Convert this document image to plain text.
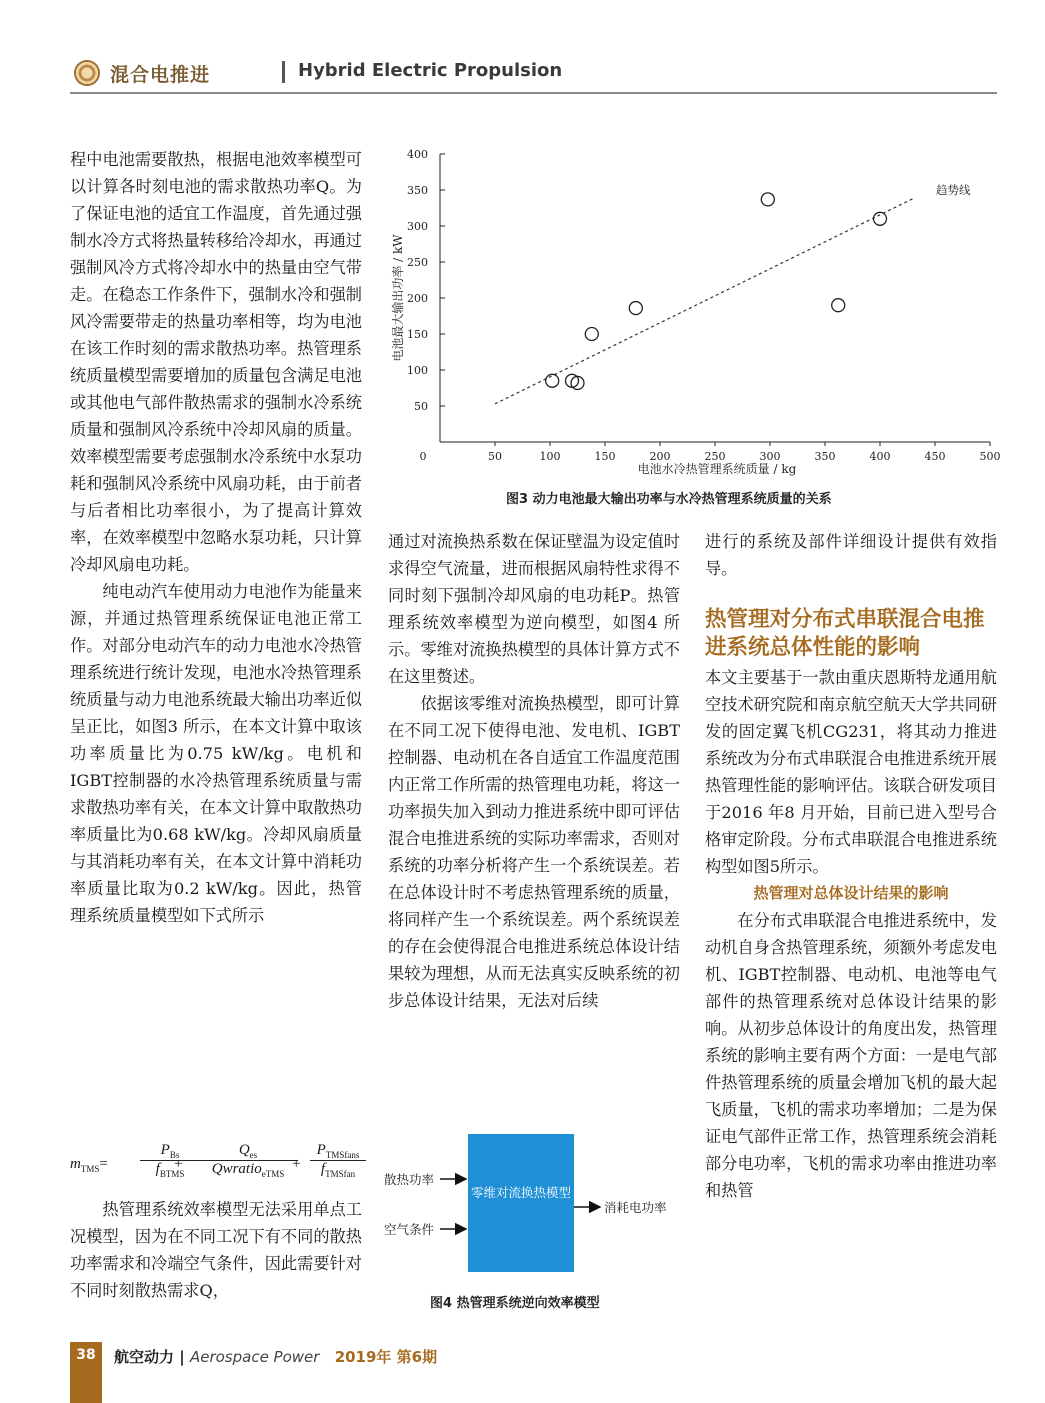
混合电推进	Hybrid Electric Propulsion

程中电池需要散热，根据电池效率模型可以计算各时刻电池的需求散热功率Q。为了保证电池的适宜工作温度，首先通过强制水冷方式将热量转移给冷却水，再通过强制风冷方式将冷却水中的热量由空气带走。在稳态工作条件下，强制水冷和强制风冷需要带走的热量功率相等，均为电池在该工作时刻的需求散热功率。热管理系统质量模型需要增加的质量包含满足电池或其他电气部件散热需求的强制水冷系统质量和强制风冷系统中冷却风扇的质量。效率模型需要考虑强制水冷系统中水泵功耗和强制风冷系统中风扇功耗，由于前者与后者相比功率很小，为了提高计算效率，在效率模型中忽略水泵功耗，只计算冷却风扇电功耗。

纯电动汽车使用动力电池作为能量来源，并通过热管理系统保证电池正常工作。对部分电动汽车的动力电池水冷热管理系统进行统计发现，电池水冷热管理系统质量与动力电池系统最大输出功率近似呈正比，如图3 所示，在本文计算中取该功率质量比为0.75 kW/kg。电机和IGBT控制器的水冷热管理系统质量与需求散热功率有关，在本文计算中取散热功率质量比为0.68 kW/kg。冷却风扇质量与其消耗功率有关，在本文计算中消耗功率质量比取为0.2 kW/kg。因此，热管理系统质量模型如下式所示

$m_{TMS}=$
$P_{Bs}$
$f_{BTMS}$
+
$Q_{es}$
Qwratio$_{eTMS}$
+
$P_{TMSfans}$
$f_{TMSfan}$

热管理系统效率模型无法采用单点工况模型，因为在不同工况下有不同的散热功率需求和冷端空气条件，因此需要针对不同时刻散热需求Q，

50
100
150
200
250
300
350
400
0	50	100	150	200	250	300	350	400	450	500
电池水冷热管理系统质量 / kg
电池最大输出功率 / kW
趋势线
图3 动力电池最大输出功率与水冷热管理系统质量的关系

通过对流换热系数在保证壁温为设定值时求得空气流量，进而根据风扇特性求得不同时刻下强制冷却风扇的电功耗P。热管理系统效率模型为逆向模型，如图4 所示。零维对流换热模型的具体计算方式不在这里赘述。

依据该零维对流换热模型，即可计算在不同工况下使得电池、发电机、IGBT控制器、电动机在各自适宜工作温度范围内正常工作所需的热管理电功耗，将这一功率损失加入到动力推进系统中即可评估混合电推进系统的实际功率需求，否则对系统的功率分析将产生一个系统误差。若在总体设计时不考虑热管理系统的质量，将同样产生一个系统误差。两个系统误差的存在会使得混合电推进系统总体设计结果较为理想，从而无法真实反映系统的初步总体设计结果，无法对后续

零维对流换热模型
散热功率
空气条件
消耗电功率
图4 热管理系统逆向效率模型

进行的系统及部件详细设计提供有效指导。

热管理对分布式串联混合电推进系统总体性能的影响

本文主要基于一款由重庆恩斯特龙通用航空技术研究院和南京航空航天大学共同研发的固定翼飞机CG231，将其动力推进系统改为分布式串联混合电推进系统开展热管理性能的影响评估。该联合研发项目于2016 年8 月开始，目前已进入型号合格审定阶段。分布式串联混合电推进系统构型如图5所示。

热管理对总体设计结果的影响

在分布式串联混合电推进系统中，发动机自身含热管理系统，须额外考虑发电机、IGBT控制器、电动机、电池等电气部件的热管理系统对总体设计结果的影响。从初步总体设计的角度出发，热管理系统的影响主要有两个方面：一是电气部件热管理系统的质量会增加飞机的最大起飞质量，飞机的需求功率增加；二是为保证电气部件正常工作，热管理系统会消耗部分电功率，飞机的需求功率由推进功率和热管

38	航空动力 | Aerospace Power 2019年 第6期
